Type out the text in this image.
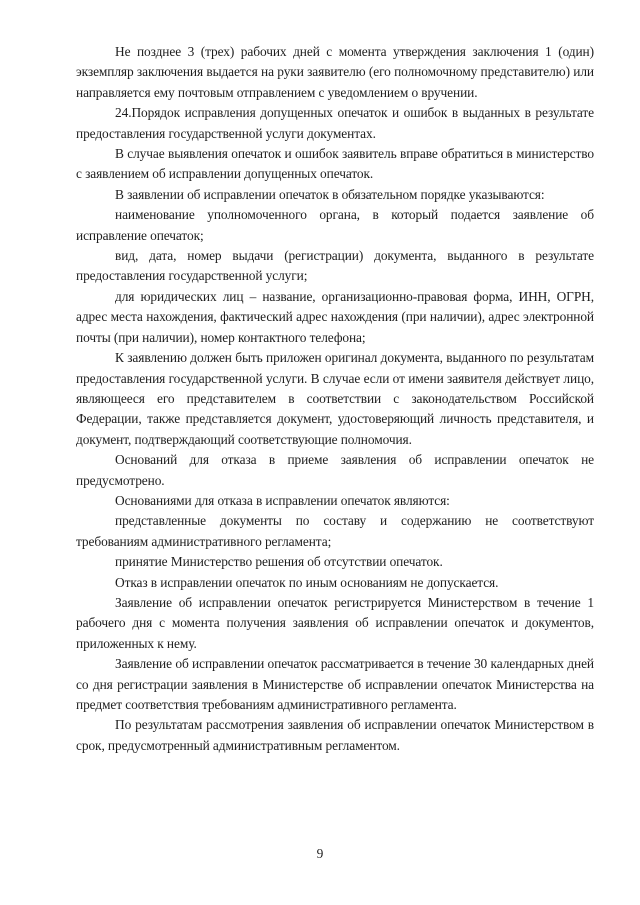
Не позднее 3 (трех) рабочих дней с момента утверждения заключения 1 (один) экземпляр заключения выдается на руки заявителю (его полномочному представителю) или направляется ему почтовым отправлением с уведомлением о вручении.

24.Порядок исправления допущенных опечаток и ошибок в выданных в результате предоставления государственной услуги документах.

В случае выявления опечаток и ошибок заявитель вправе обратиться в министерство с заявлением об исправлении допущенных опечаток.

В заявлении об исправлении опечаток в обязательном порядке указываются:

наименование уполномоченного органа, в который подается заявление об исправление опечаток;

вид, дата, номер выдачи (регистрации) документа, выданного в результате предоставления государственной услуги;

для юридических лиц – название, организационно-правовая форма, ИНН, ОГРН, адрес места нахождения, фактический адрес нахождения (при наличии), адрес электронной почты (при наличии), номер контактного телефона;

К заявлению должен быть приложен оригинал документа, выданного по результатам предоставления государственной услуги. В случае если от имени заявителя действует лицо, являющееся его представителем в соответствии с законодательством Российской Федерации, также представляется документ, удостоверяющий личность представителя, и документ, подтверждающий соответствующие полномочия.

Оснований для отказа в приеме заявления об исправлении опечаток не предусмотрено.

Основаниями для отказа в исправлении опечаток являются:

представленные документы по составу и содержанию не соответствуют требованиям административного регламента;

принятие Министерство решения об отсутствии опечаток.

Отказ в исправлении опечаток по иным основаниям не допускается.

Заявление об исправлении опечаток регистрируется Министерством в течение 1 рабочего дня с момента получения заявления об исправлении опечаток и документов, приложенных к нему.

Заявление об исправлении опечаток рассматривается в течение 30 календарных дней со дня регистрации заявления в Министерстве об исправлении опечаток Министерства на предмет соответствия требованиям административного регламента.

По результатам рассмотрения заявления об исправлении опечаток Министерством в срок, предусмотренный административным регламентом.

9
